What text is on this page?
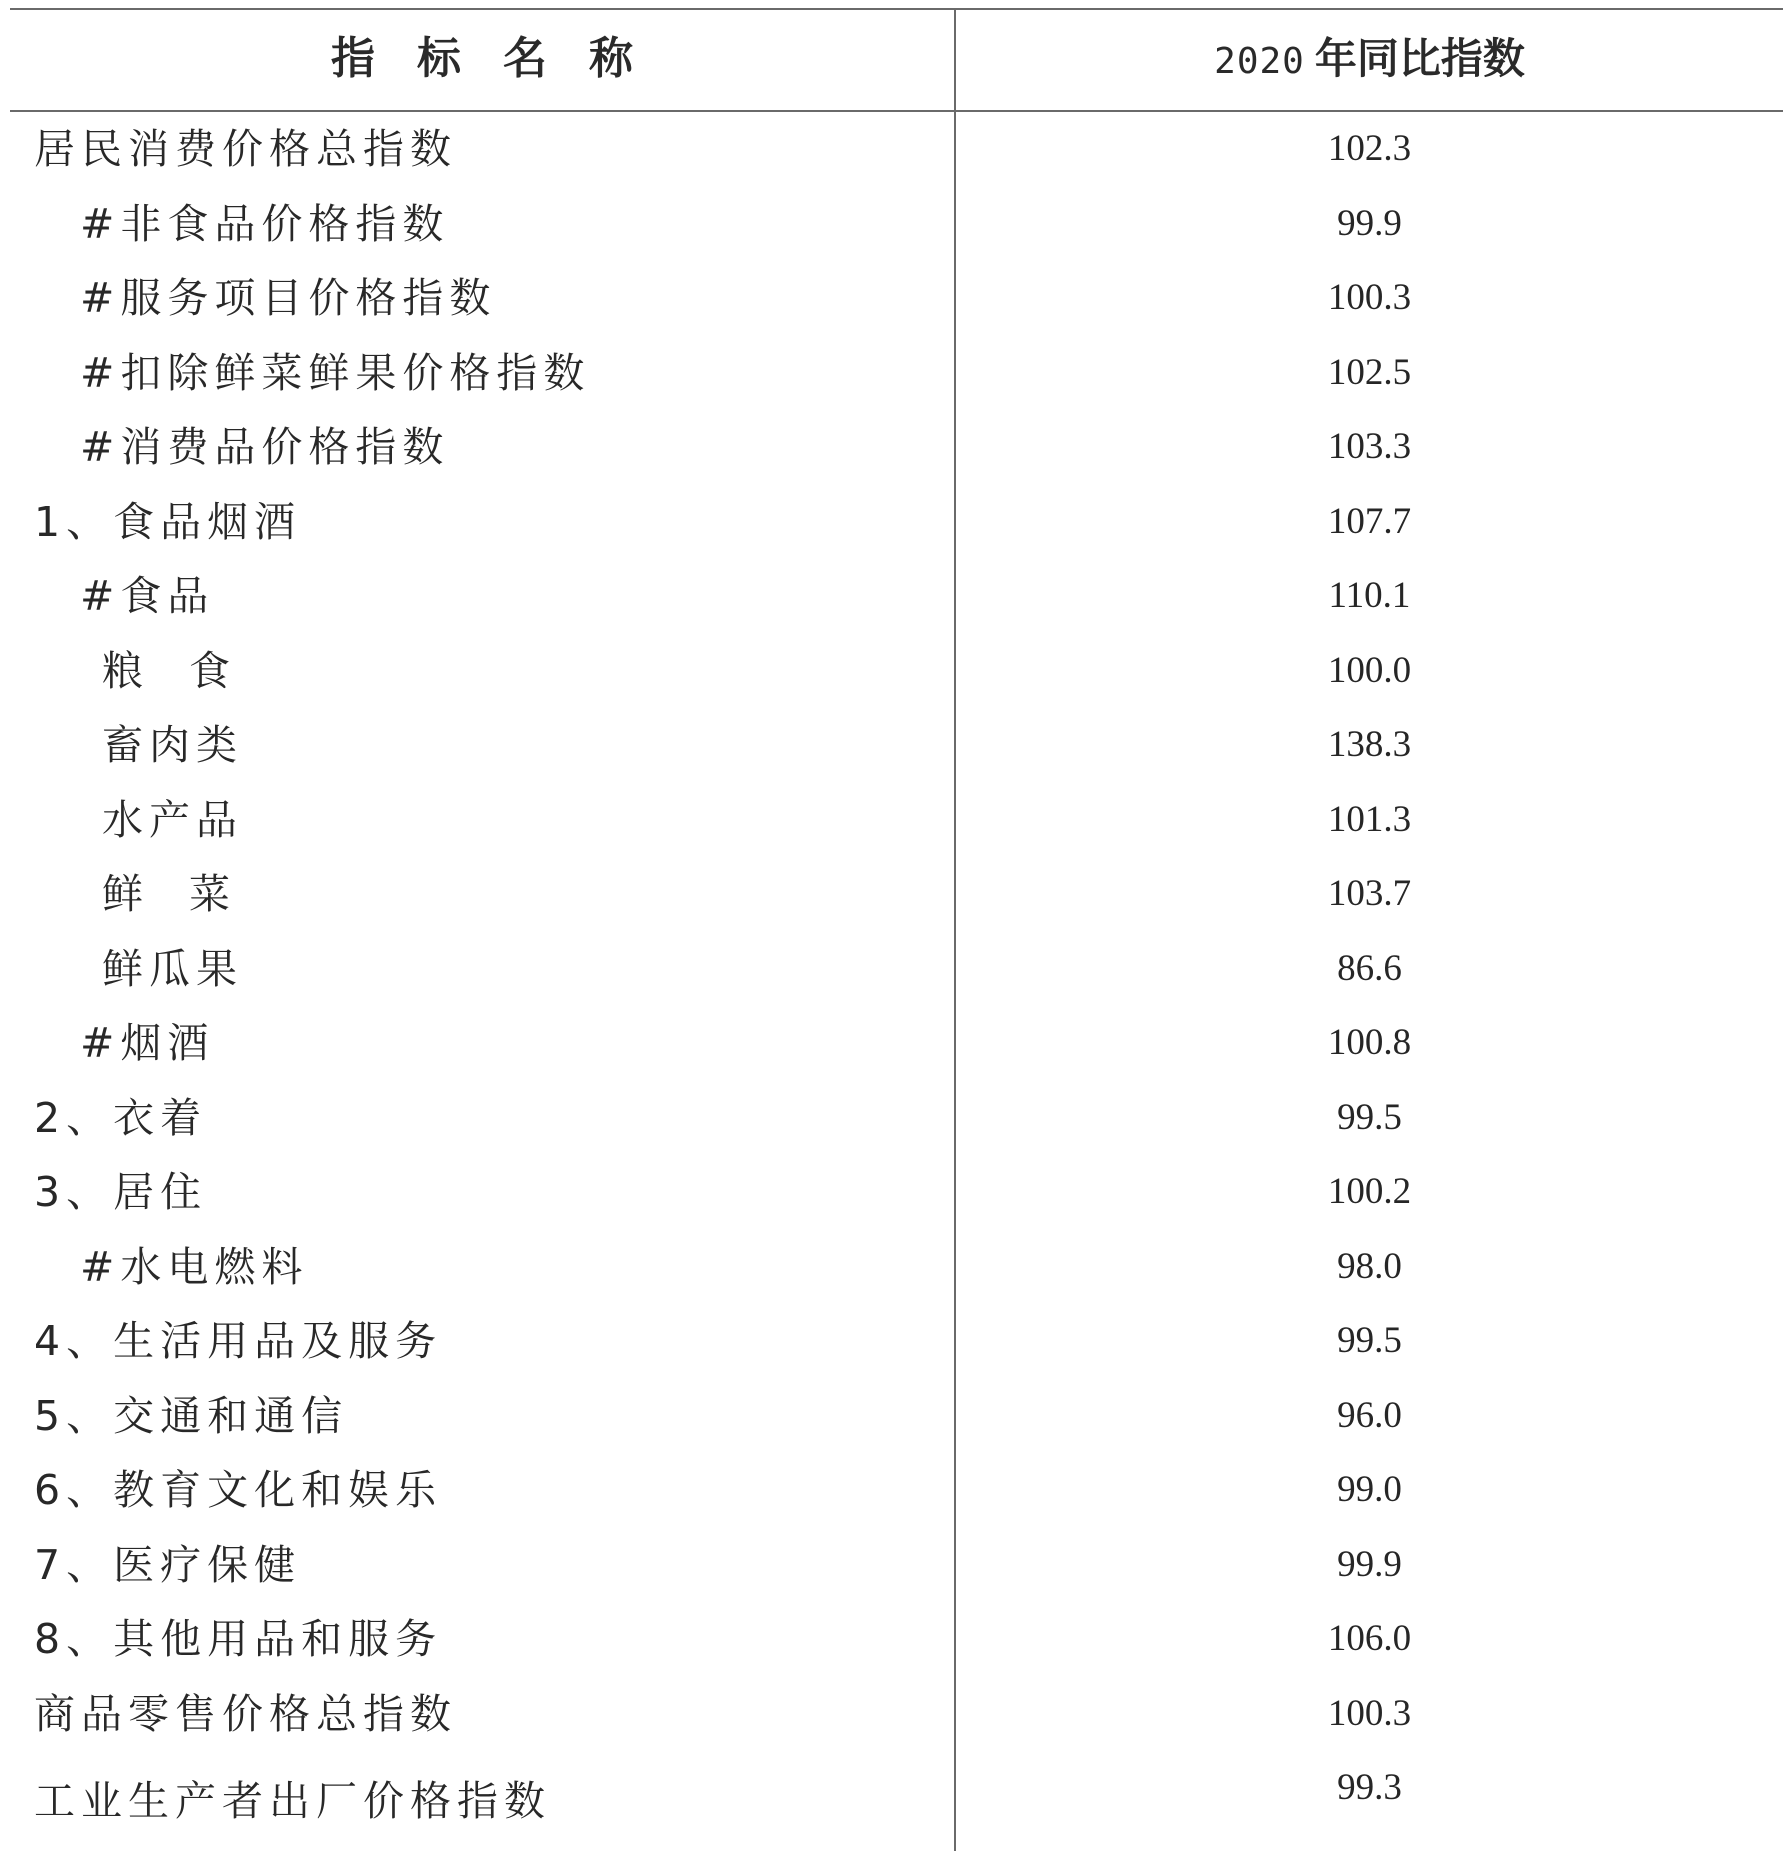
指标名称	2020 年同比指数
居民消费价格总指数	102.3
#非食品价格指数	99.9
#服务项目价格指数	100.3
#扣除鲜菜鲜果价格指数	102.5
#消费品价格指数	103.3
1、食品烟酒	107.7
#食品	110.1
粮食	100.0
畜肉类	138.3
水产品	101.3
鲜菜	103.7
鲜瓜果	86.6
#烟酒	100.8
2、衣着	99.5
3、居住	100.2
#水电燃料	98.0
4、生活用品及服务	99.5
5、交通和通信	96.0
6、教育文化和娱乐	99.0
7、医疗保健	99.9
8、其他用品和服务	106.0
商品零售价格总指数	100.3
工业生产者出厂价格指数	99.3
